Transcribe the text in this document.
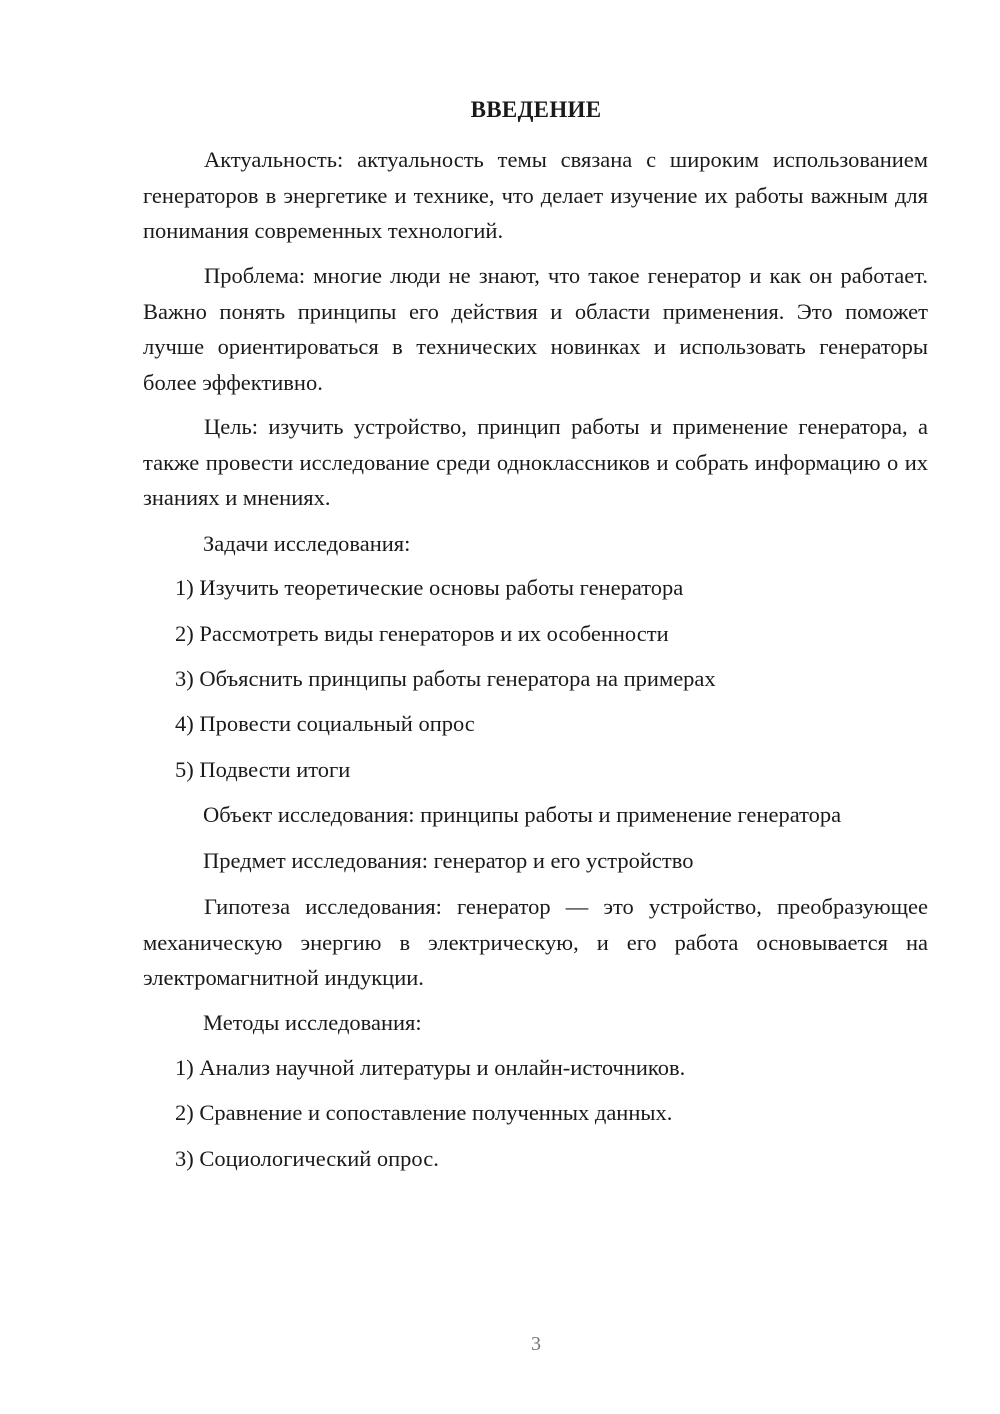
ВВЕДЕНИЕ

Актуальность: актуальность темы связана с широким использованием генераторов в энергетике и технике, что делает изучение их работы важным для понимания современных технологий.

Проблема: многие люди не знают, что такое генератор и как он работает. Важно понять принципы его действия и области применения. Это поможет лучше ориентироваться в технических новинках и использовать генераторы более эффективно.

Цель: изучить устройство, принцип работы и применение генератора, а также провести исследование среди одноклассников и собрать информацию о их знаниях и мнениях.

Задачи исследования:

1) Изучить теоретические основы работы генератора

2) Рассмотреть виды генераторов и их особенности

3) Объяснить принципы работы генератора на примерах

4) Провести социальный опрос

5) Подвести итоги

Объект исследования: принципы работы и применение генератора

Предмет исследования: генератор и его устройство

Гипотеза исследования: генератор — это устройство, преобразующее механическую энергию в электрическую, и его работа основывается на электромагнитной индукции.

Методы исследования:

1) Анализ научной литературы и онлайн-источников.

2) Сравнение и сопоставление полученных данных.

3) Социологический опрос.

3
